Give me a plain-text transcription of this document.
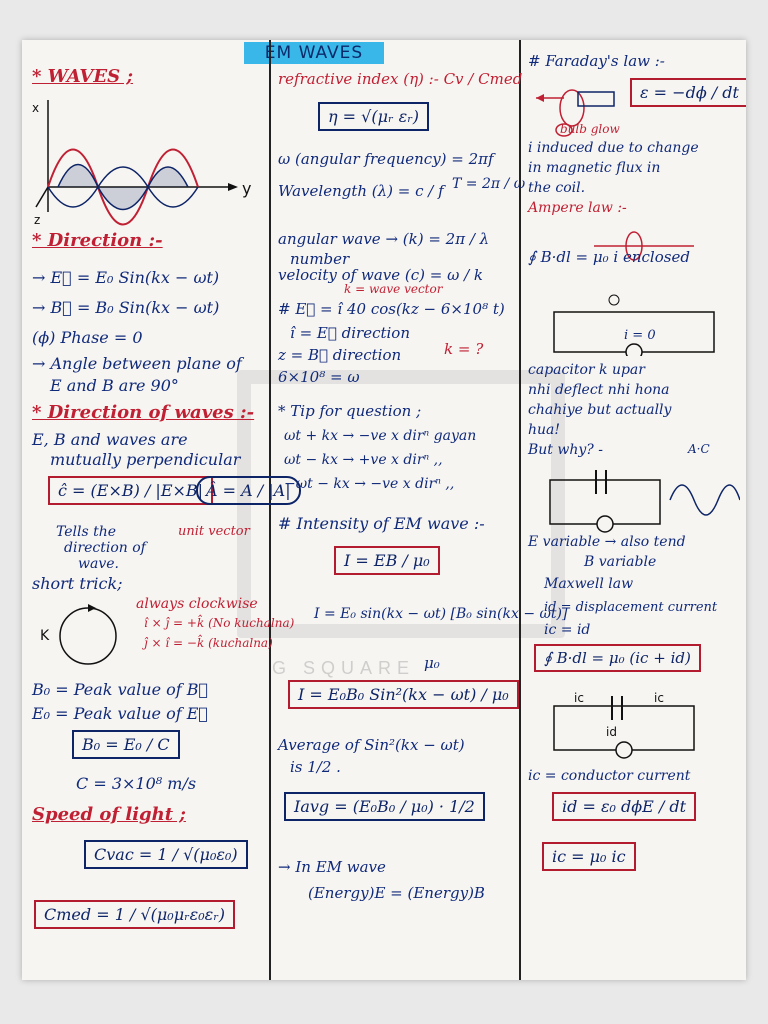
G SQUARE
EM WAVES
* WAVES ;
x
y
z
* Direction :-
→ E⃗ = E₀ Sin(kx − ωt)
→ B⃗ = B₀ Sin(kx − ωt)
(ϕ) Phase = 0
→ Angle between plane of
E and B are 90°
* Direction of waves :-
E, B and waves are
mutually perpendicular
ĉ = (E×B) / |E×B| Â = A / |A|
Tells the
direction of
wave.
unit vector
short trick;
K
always clockwise
î × ĵ = +k̂ (No kuchalna)
ĵ × î = −k̂ (kuchalna)
B₀ = Peak value of B⃗
E₀ = Peak value of E⃗
B₀ = E₀ / C
C = 3×10⁸ m/s
Speed of light ;
Cvac = 1 / √(μ₀ε₀)
Cmed = 1 / √(μ₀μᵣε₀εᵣ)
refractive index (η) :- Cv / Cmed
η = √(μᵣ εᵣ)
ω (angular frequency) = 2πf
Wavelength (λ) = c / f T = 2π / ω
angular wave → (k) = 2π / λ
number
k = wave vector
velocity of wave (c) = ω / k
# E⃗ = î 40 cos(kz − 6×10⁸ t)
î = E⃗ direction
k = ?
z = B⃗ direction
6×10⁸ = ω
* Tip for question ;
ωt + kx → −ve x dirⁿ gayan
ωt − kx → +ve x dirⁿ ,,
−ωt − kx → −ve x dirⁿ ,,
# Intensity of EM wave :-
I = EB / μ₀
I = E₀ sin(kx − ωt) [B₀ sin(kx − ωt)]
μ₀
I = E₀B₀ Sin²(kx − ωt) / μ₀
Average of Sin²(kx − ωt)
is 1/2 .
Iavg = (E₀B₀ / μ₀) · 1/2
→ In EM wave
(Energy)E = (Energy)B
# Faraday's law :-
ε = −dϕ / dt
bulb glow
i induced due to change
in magnetic flux in
the coil.
Ampere law :-
∮ B·dl = μ₀ i enclosed
i = 0
capacitor k upar
nhi deflect nhi hona
chahiye but actually
hua!
But why? -	A·C
E variable → also tend
B variable
Maxwell law
id = displacement current
ic = id
∮ B·dl = μ₀ (ic + id)
ic	ic
id
ic = conductor current
id = ε₀ dϕE / dt
ic = μ₀ ic
